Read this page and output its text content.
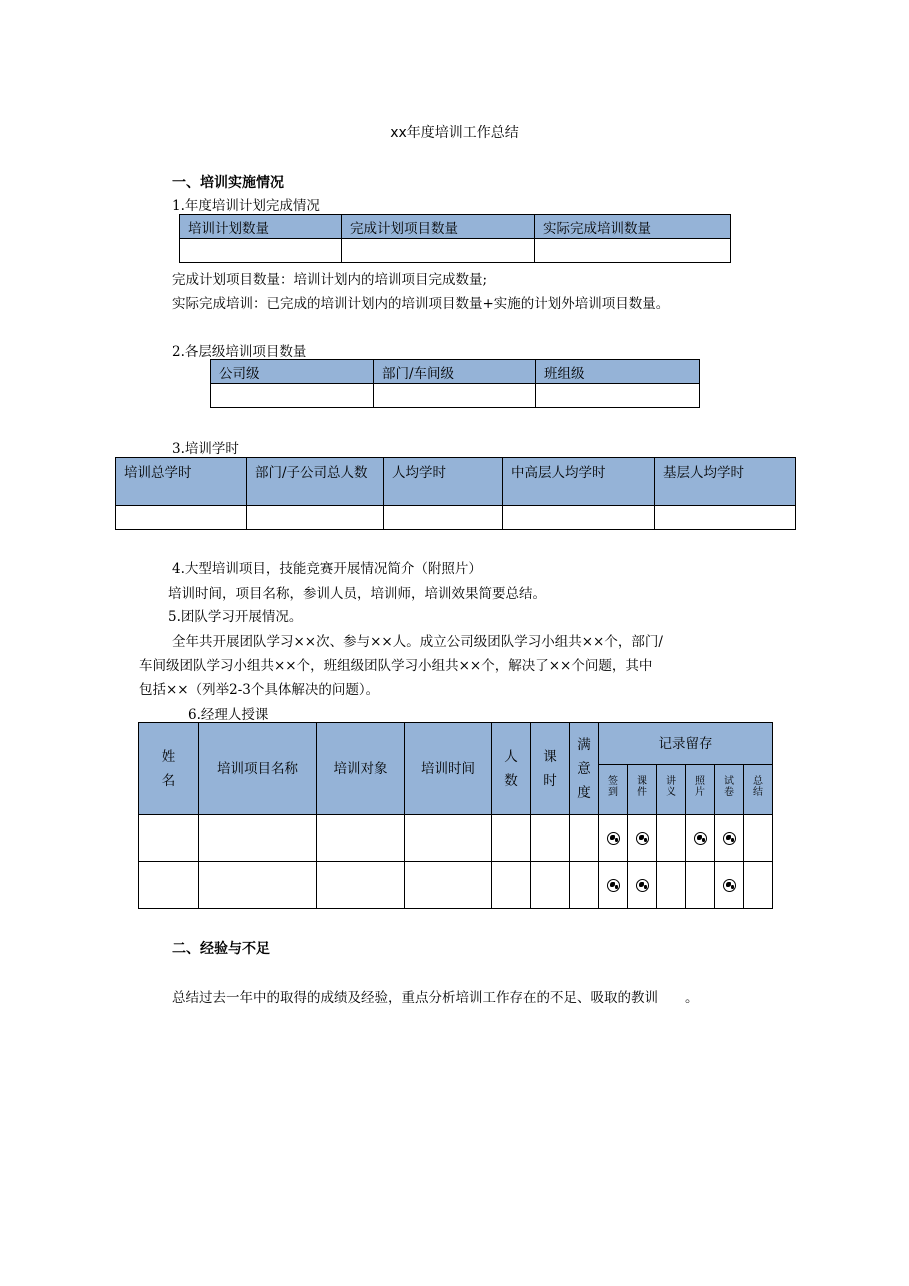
xx年度培训工作总结
一、培训实施情况
1.年度培训计划完成情况
培训计划数量	完成计划项目数量	实际完成培训数量

完成计划项目数量：培训计划内的培训项目完成数量;
实际完成培训：已完成的培训计划内的培训项目数量+实施的计划外培训项目数量。
2.各层级培训项目数量
公司级	部门/车间级	班组级

3.培训学时
培训总学时	部门/子公司总人数	人均学时	中高层人均学时	基层人均学时

4.大型培训项目，技能竞赛开展情况简介（附照片）
培训时间，项目名称，参训人员，培训师，培训效果简要总结。
5.团队学习开展情况。
全年共开展团队学习××次、参与××人。成立公司级团队学习小组共××个，部门/
车间级团队学习小组共××个，班组级团队学习小组共××个，解决了××个问题，其中
包括××（列举2-3个具体解决的问题）。
6.经理人授课
姓名	培训项目名称	培训对象	培训时间	人数	课时	满意度	记录留存					
							签到	课件	讲义	照片	试卷	总结

二、经验与不足
总结过去一年中的取得的成绩及经验，重点分析培训工作存在的不足、吸取的教训　　。
